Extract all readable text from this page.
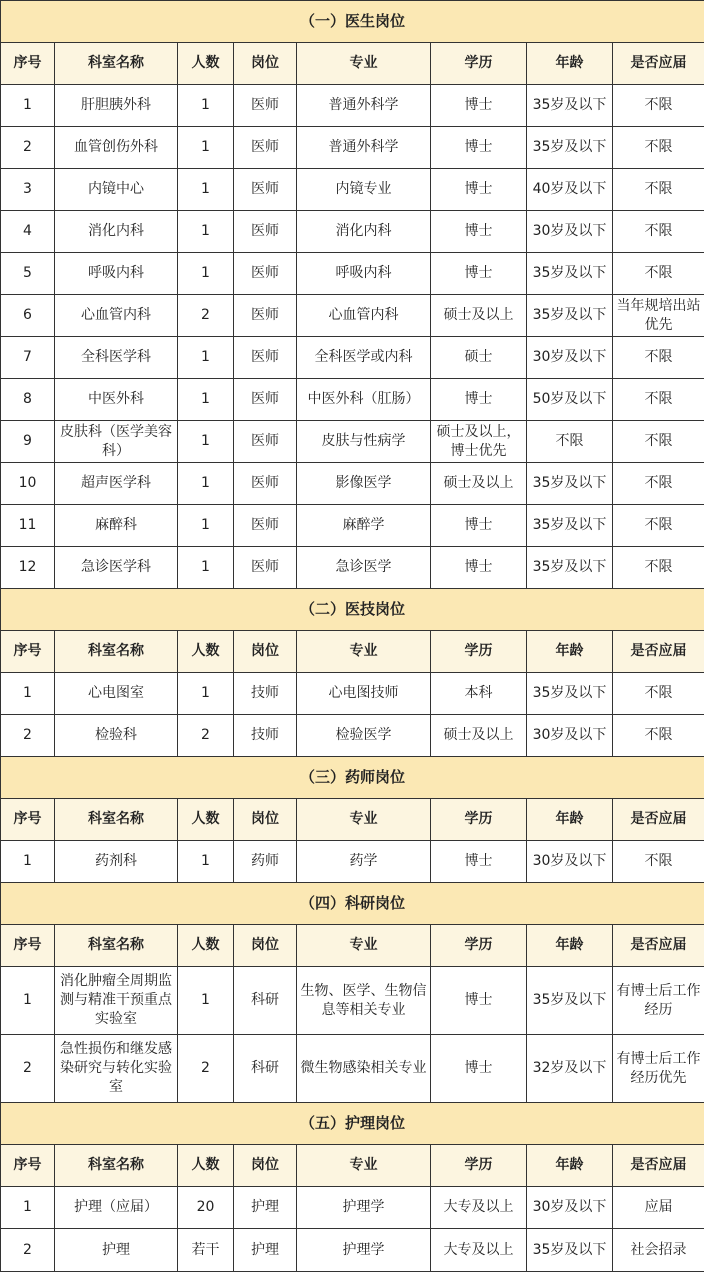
（一）医生岗位							
序号	科室名称	人数	岗位	专业	学历	年龄	是否应届
1	肝胆胰外科	1	医师	普通外科学	博士	35岁及以下	不限
2	血管创伤外科	1	医师	普通外科学	博士	35岁及以下	不限
3	内镜中心	1	医师	内镜专业	博士	40岁及以下	不限
4	消化内科	1	医师	消化内科	博士	30岁及以下	不限
5	呼吸内科	1	医师	呼吸内科	博士	35岁及以下	不限
6	心血管内科	2	医师	心血管内科	硕士及以上	35岁及以下	当年规培出站优先
7	全科医学科	1	医师	全科医学或内科	硕士	30岁及以下	不限
8	中医外科	1	医师	中医外科（肛肠）	博士	50岁及以下	不限
9	皮肤科（医学美容科）	1	医师	皮肤与性病学	硕士及以上，博士优先	不限	不限
10	超声医学科	1	医师	影像医学	硕士及以上	35岁及以下	不限
11	麻醉科	1	医师	麻醉学	博士	35岁及以下	不限
12	急诊医学科	1	医师	急诊医学	博士	35岁及以下	不限
（二）医技岗位							
序号	科室名称	人数	岗位	专业	学历	年龄	是否应届
1	心电图室	1	技师	心电图技师	本科	35岁及以下	不限
2	检验科	2	技师	检验医学	硕士及以上	30岁及以下	不限
（三）药师岗位							
序号	科室名称	人数	岗位	专业	学历	年龄	是否应届
1	药剂科	1	药师	药学	博士	30岁及以下	不限
（四）科研岗位							
序号	科室名称	人数	岗位	专业	学历	年龄	是否应届
1	消化肿瘤全周期监测与精准干预重点实验室	1	科研	生物、医学、生物信息等相关专业	博士	35岁及以下	有博士后工作经历
2	急性损伤和继发感染研究与转化实验室	2	科研	微生物感染相关专业	博士	32岁及以下	有博士后工作经历优先
（五）护理岗位							
序号	科室名称	人数	岗位	专业	学历	年龄	是否应届
1	护理（应届）	20	护理	护理学	大专及以上	30岁及以下	应届
2	护理	若干	护理	护理学	大专及以上	35岁及以下	社会招录
